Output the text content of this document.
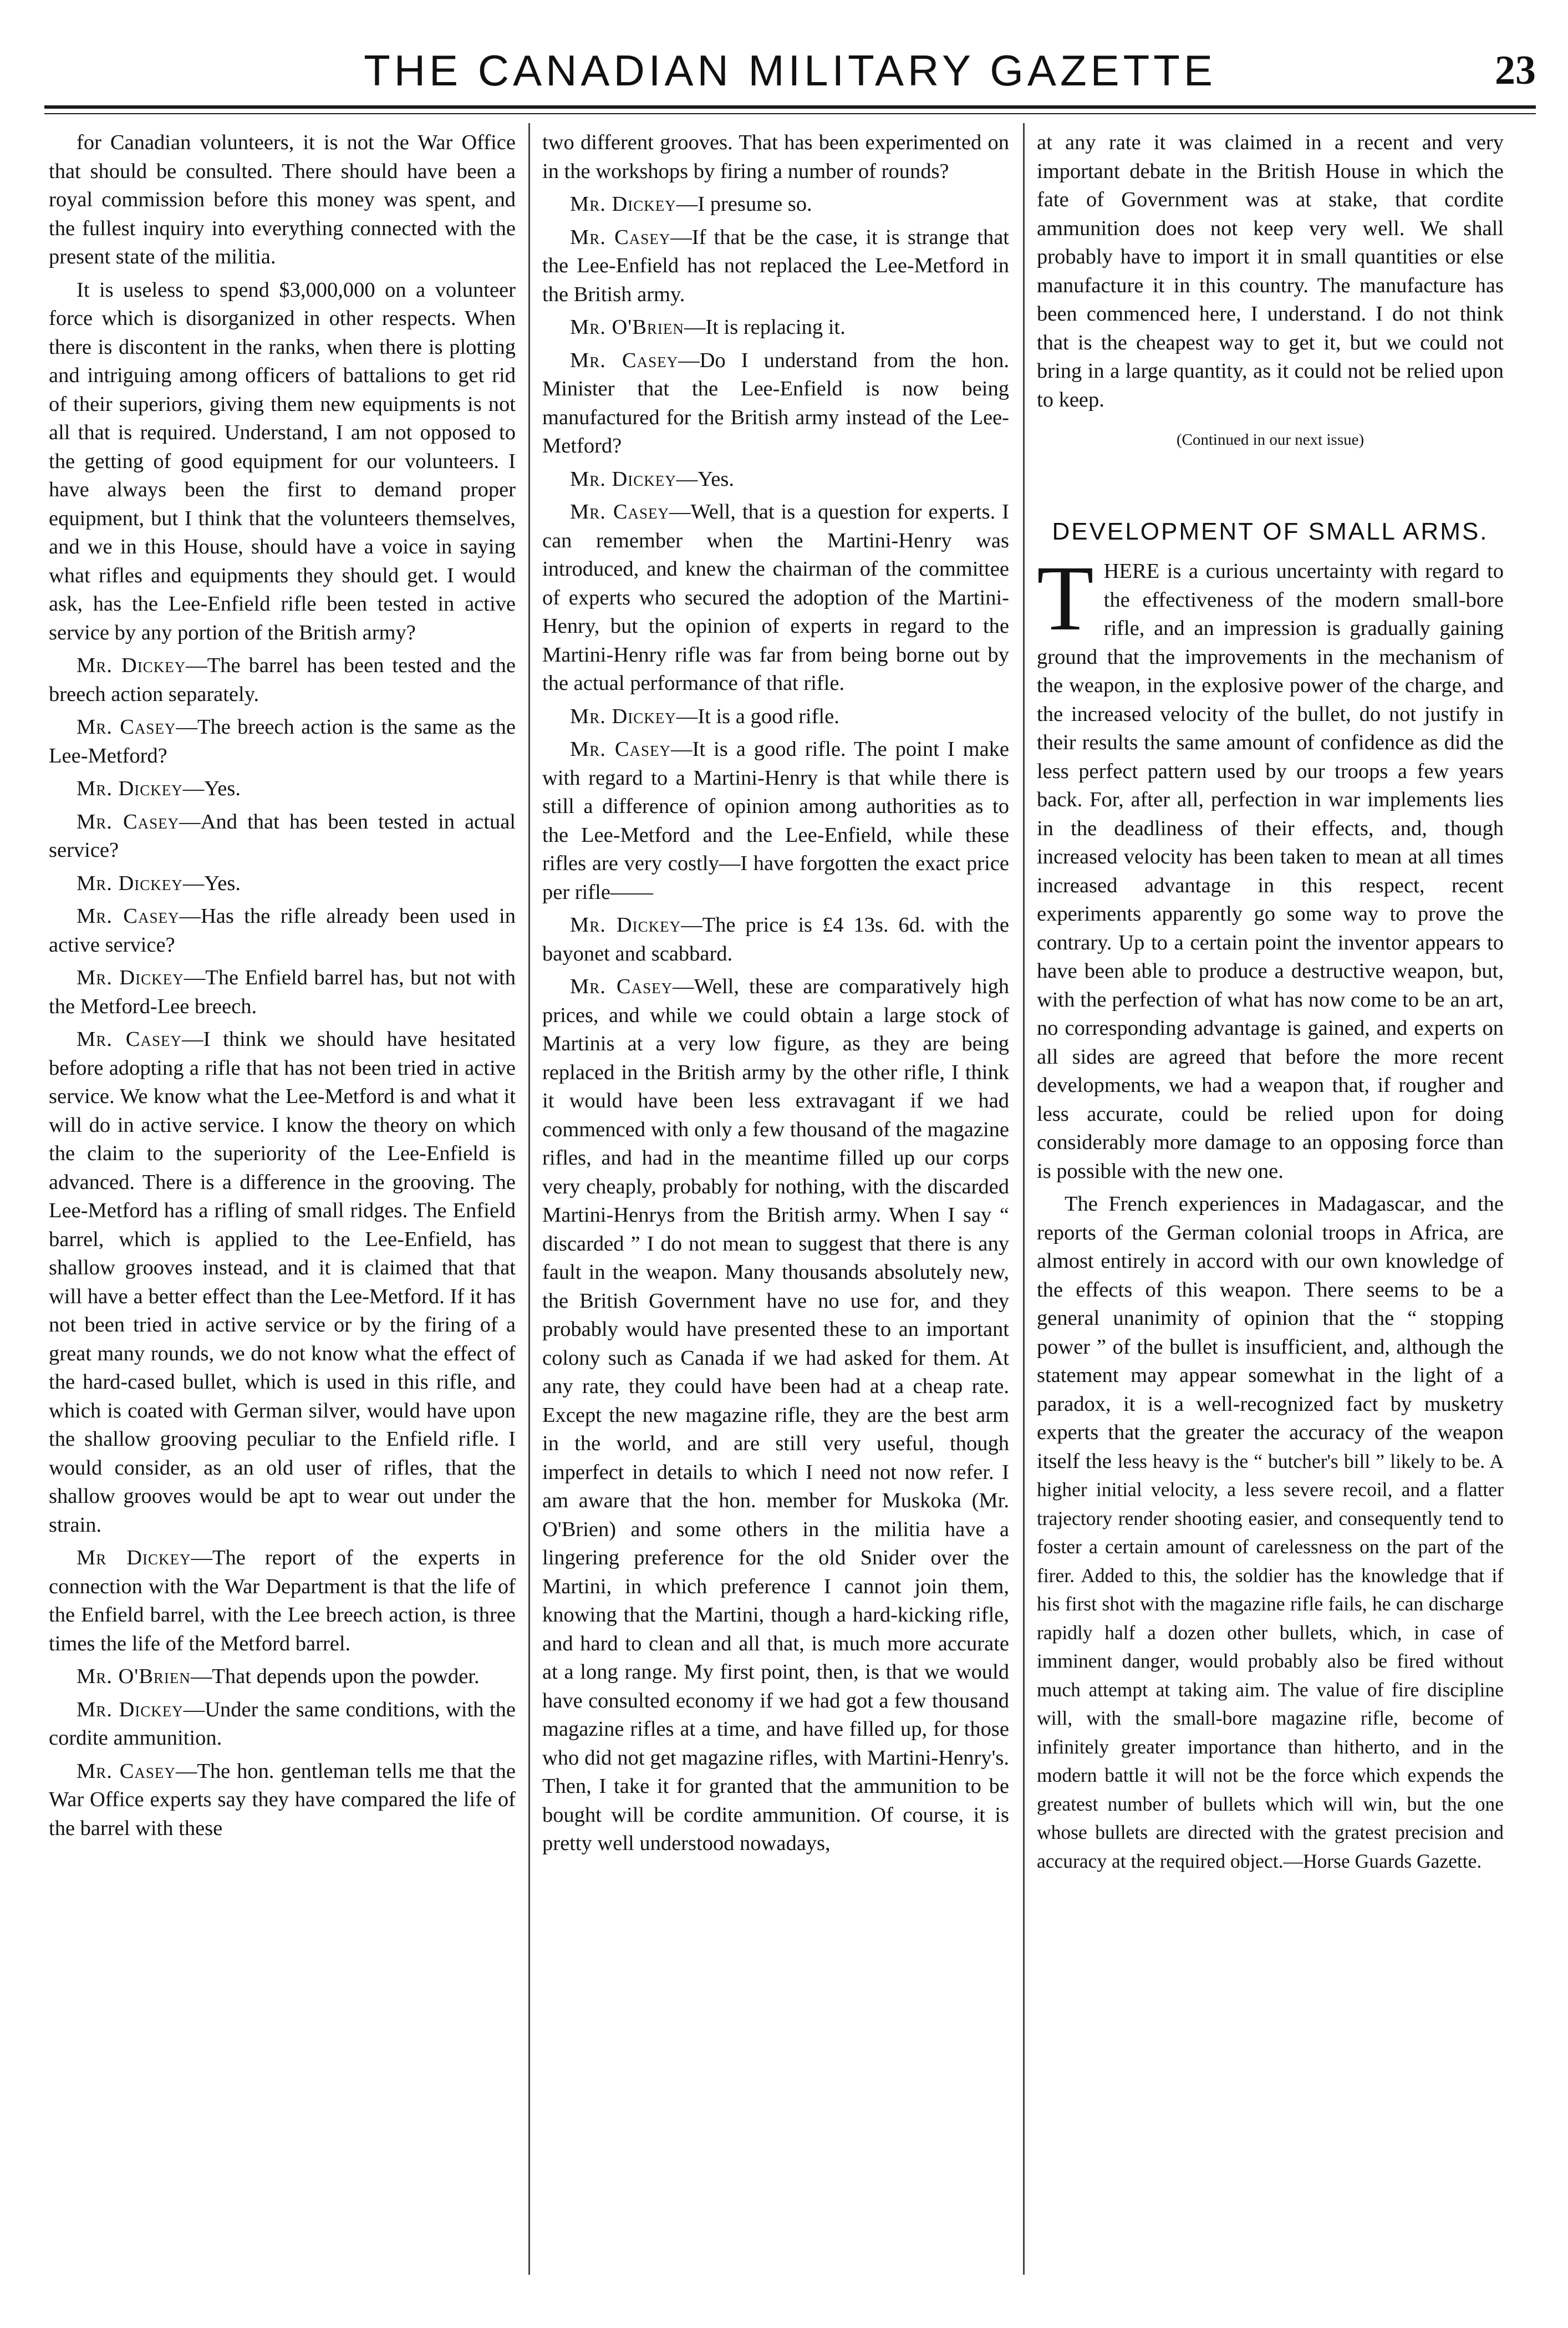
THE CANADIAN MILITARY GAZETTE	23

for Canadian volunteers, it is not the War Office that should be consulted. There should have been a royal commission before this money was spent, and the fullest inquiry into everything connected with the present state of the militia.

It is useless to spend $3,000,000 on a volunteer force which is disorganized in other respects. When there is discontent in the ranks, when there is plotting and intriguing among officers of battalions to get rid of their superiors, giving them new equipments is not all that is required. Understand, I am not opposed to the getting of good equipment for our volunteers. I have always been the first to demand proper equipment, but I think that the volunteers themselves, and we in this House, should have a voice in saying what rifles and equipments they should get. I would ask, has the Lee-Enfield rifle been tested in active service by any portion of the British army?

Mr. Dickey—The barrel has been tested and the breech action separately.

Mr. Casey—The breech action is the same as the Lee-Metford?

Mr. Dickey—Yes.

Mr. Casey—And that has been tested in actual service?

Mr. Dickey—Yes.

Mr. Casey—Has the rifle already been used in active service?

Mr. Dickey—The Enfield barrel has, but not with the Metford-Lee breech.

Mr. Casey—I think we should have hesitated before adopting a rifle that has not been tried in active service. We know what the Lee-Metford is and what it will do in active service. I know the theory on which the claim to the superiority of the Lee-Enfield is advanced. There is a difference in the grooving. The Lee-Metford has a rifling of small ridges. The Enfield barrel, which is applied to the Lee-Enfield, has shallow grooves instead, and it is claimed that that will have a better effect than the Lee-Metford. If it has not been tried in active service or by the firing of a great many rounds, we do not know what the effect of the hard-cased bullet, which is used in this rifle, and which is coated with German silver, would have upon the shallow grooving peculiar to the Enfield rifle. I would consider, as an old user of rifles, that the shallow grooves would be apt to wear out under the strain.

Mr Dickey—The report of the experts in connection with the War Department is that the life of the Enfield barrel, with the Lee breech action, is three times the life of the Metford barrel.

Mr. O'Brien—That depends upon the powder.

Mr. Dickey—Under the same conditions, with the cordite ammunition.

Mr. Casey—The hon. gentleman tells me that the War Office experts say they have compared the life of the barrel with these

two different grooves. That has been experimented on in the workshops by firing a number of rounds?

Mr. Dickey—I presume so.

Mr. Casey—If that be the case, it is strange that the Lee-Enfield has not replaced the Lee-Metford in the British army.

Mr. O'Brien—It is replacing it.

Mr. Casey—Do I understand from the hon. Minister that the Lee-Enfield is now being manufactured for the British army instead of the Lee-Metford?

Mr. Dickey—Yes.

Mr. Casey—Well, that is a question for experts. I can remember when the Martini-Henry was introduced, and knew the chairman of the committee of experts who secured the adoption of the Martini-Henry, but the opinion of experts in regard to the Martini-Henry rifle was far from being borne out by the actual performance of that rifle.

Mr. Dickey—It is a good rifle.

Mr. Casey—It is a good rifle. The point I make with regard to a Martini-Henry is that while there is still a difference of opinion among authorities as to the Lee-Metford and the Lee-Enfield, while these rifles are very costly—I have forgotten the exact price per rifle——

Mr. Dickey—The price is £4 13s. 6d. with the bayonet and scabbard.

Mr. Casey—Well, these are comparatively high prices, and while we could obtain a large stock of Martinis at a very low figure, as they are being replaced in the British army by the other rifle, I think it would have been less extravagant if we had commenced with only a few thousand of the magazine rifles, and had in the meantime filled up our corps very cheaply, probably for nothing, with the discarded Martini-Henrys from the British army. When I say “ discarded ” I do not mean to suggest that there is any fault in the weapon. Many thousands absolutely new, the British Government have no use for, and they probably would have presented these to an important colony such as Canada if we had asked for them. At any rate, they could have been had at a cheap rate. Except the new magazine rifle, they are the best arm in the world, and are still very useful, though imperfect in details to which I need not now refer. I am aware that the hon. member for Muskoka (Mr. O'Brien) and some others in the militia have a lingering preference for the old Snider over the Martini, in which preference I cannot join them, knowing that the Martini, though a hard-kicking rifle, and hard to clean and all that, is much more accurate at a long range. My first point, then, is that we would have consulted economy if we had got a few thousand magazine rifles at a time, and have filled up, for those who did not get magazine rifles, with Martini-Henry's. Then, I take it for granted that the ammunition to be bought will be cordite ammunition. Of course, it is pretty well understood nowadays,

at any rate it was claimed in a recent and very important debate in the British House in which the fate of Government was at stake, that cordite ammunition does not keep very well. We shall probably have to import it in small quantities or else manufacture it in this country. The manufacture has been commenced here, I understand. I do not think that is the cheapest way to get it, but we could not bring in a large quantity, as it could not be relied upon to keep.

(Continued in our next issue)

DEVELOPMENT OF SMALL ARMS.

THERE is a curious uncertainty with regard to the effectiveness of the modern small-bore rifle, and an impression is gradually gaining ground that the improvements in the mechanism of the weapon, in the explosive power of the charge, and the increased velocity of the bullet, do not justify in their results the same amount of confidence as did the less perfect pattern used by our troops a few years back. For, after all, perfection in war implements lies in the deadliness of their effects, and, though increased velocity has been taken to mean at all times increased advantage in this respect, recent experiments apparently go some way to prove the contrary. Up to a certain point the inventor appears to have been able to produce a destructive weapon, but, with the perfection of what has now come to be an art, no corresponding advantage is gained, and experts on all sides are agreed that before the more recent developments, we had a weapon that, if rougher and less accurate, could be relied upon for doing considerably more damage to an opposing force than is possible with the new one.

The French experiences in Madagascar, and the reports of the German colonial troops in Africa, are almost entirely in accord with our own knowledge of the effects of this weapon. There seems to be a general unanimity of opinion that the “ stopping power ” of the bullet is insufficient, and, although the statement may appear somewhat in the light of a paradox, it is a well-recognized fact by musketry experts that the greater the accuracy of the weapon itself the less heavy is the “ butcher's bill ” likely to be. A higher initial velocity, a less severe recoil, and a flatter trajectory render shooting easier, and consequently tend to foster a certain amount of carelessness on the part of the firer. Added to this, the soldier has the knowledge that if his first shot with the magazine rifle fails, he can discharge rapidly half a dozen other bullets, which, in case of imminent danger, would probably also be fired without much attempt at taking aim. The value of fire discipline will, with the small-bore magazine rifle, become of infinitely greater importance than hitherto, and in the modern battle it will not be the force which expends the greatest number of bullets which will win, but the one whose bullets are directed with the gratest precision and accuracy at the required object.—Horse Guards Gazette.
